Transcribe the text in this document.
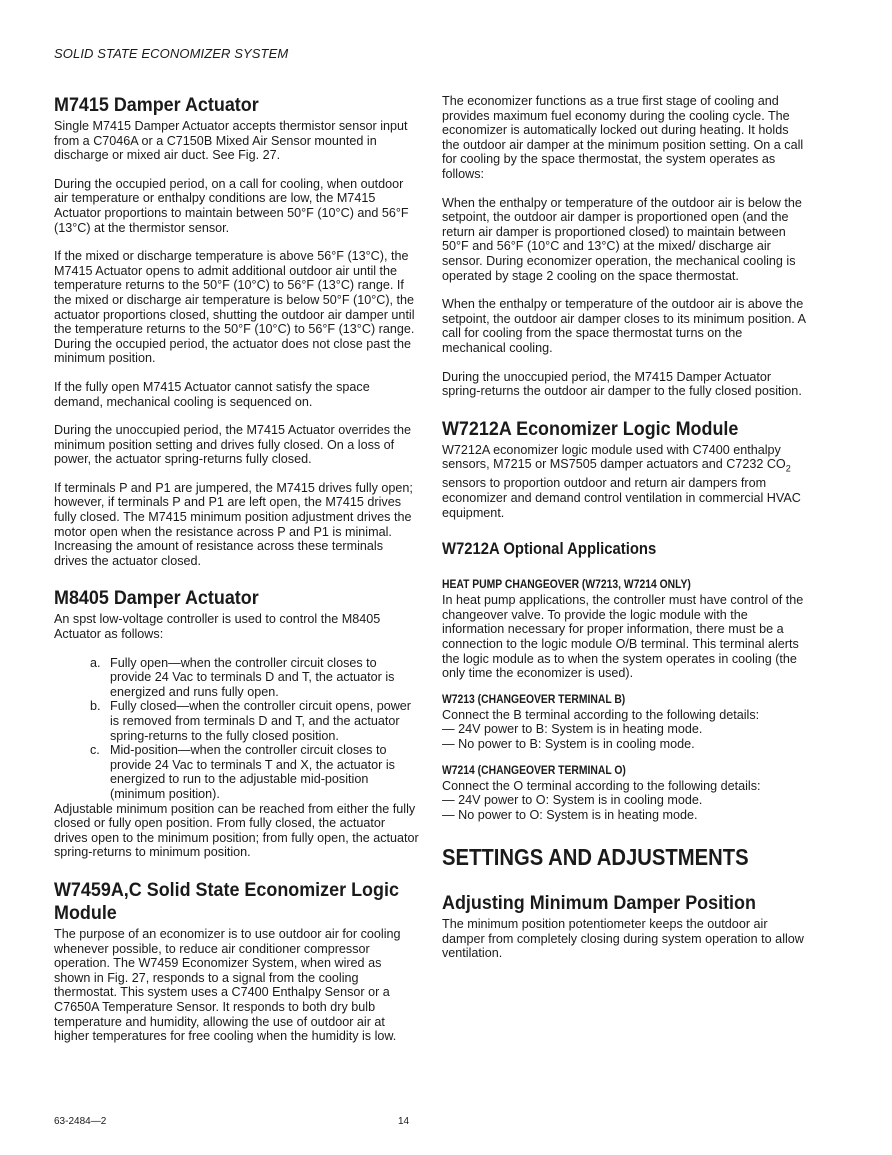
SOLID STATE ECONOMIZER SYSTEM
M7415 Damper Actuator

Single M7415 Damper Actuator accepts thermistor sensor input from a C7046A or a C7150B Mixed Air Sensor mounted in discharge or mixed air duct. See Fig. 27.

During the occupied period, on a call for cooling, when outdoor air temperature or enthalpy conditions are low, the M7415 Actuator proportions to maintain between 50°F (10°C) and 56°F (13°C) at the thermistor sensor.

If the mixed or discharge temperature is above 56°F (13°C), the M7415 Actuator opens to admit additional outdoor air until the temperature returns to the 50°F (10°C) to 56°F (13°C) range. If the mixed or discharge air temperature is below 50°F (10°C), the actuator proportions closed, shutting the outdoor air damper until the temperature returns to the 50°F (10°C) to 56°F (13°C) range. During the occupied period, the actuator does not close past the minimum position.

If the fully open M7415 Actuator cannot satisfy the space demand, mechanical cooling is sequenced on.

During the unoccupied period, the M7415 Actuator overrides the minimum position setting and drives fully closed. On a loss of power, the actuator spring-returns fully closed.

If terminals P and P1 are jumpered, the M7415 drives fully open; however, if terminals P and P1 are left open, the M7415 drives fully closed. The M7415 minimum position adjustment drives the motor open when the resistance across P and P1 is minimal. Increasing the amount of resistance across these terminals drives the actuator closed.

M8405 Damper Actuator

An spst low-voltage controller is used to control the M8405 Actuator as follows:

a. Fully open—when the controller circuit closes to provide 24 Vac to terminals D and T, the actuator is energized and runs fully open.
b. Fully closed—when the controller circuit opens, power is removed from terminals D and T, and the actuator spring-returns to the fully closed position.
c. Mid-position—when the controller circuit closes to provide 24 Vac to terminals T and X, the actuator is energized to run to the adjustable mid-position (minimum position).

Adjustable minimum position can be reached from either the fully closed or fully open position. From fully closed, the actuator drives open to the minimum position; from fully open, the actuator spring-returns to minimum position.

W7459A,C Solid State Economizer Logic
Module

The purpose of an economizer is to use outdoor air for cooling whenever possible, to reduce air conditioner compressor operation. The W7459 Economizer System, when wired as shown in Fig. 27, responds to a signal from the cooling thermostat. This system uses a C7400 Enthalpy Sensor or a C7650A Temperature Sensor. It responds to both dry bulb temperature and humidity, allowing the use of outdoor air at higher temperatures for free cooling when the humidity is low.

The economizer functions as a true first stage of cooling and provides maximum fuel economy during the cooling cycle. The economizer is automatically locked out during heating. It holds the outdoor air damper at the minimum position setting. On a call for cooling by the space thermostat, the system operates as follows:

When the enthalpy or temperature of the outdoor air is below the setpoint, the outdoor air damper is proportioned open (and the return air damper is proportioned closed) to maintain between 50°F and 56°F (10°C and 13°C) at the mixed/ discharge air sensor. During economizer operation, the mechanical cooling is operated by stage 2 cooling on the space thermostat.

When the enthalpy or temperature of the outdoor air is above the setpoint, the outdoor air damper closes to its minimum position. A call for cooling from the space thermostat turns on the mechanical cooling.

During the unoccupied period, the M7415 Damper Actuator spring-returns the outdoor air damper to the fully closed position.

W7212A Economizer Logic Module

W7212A economizer logic module used with C7400 enthalpy sensors, M7215 or MS7505 damper actuators and C7232 $CO_2$ sensors to proportion outdoor and return air dampers from economizer and demand control ventilation in commercial HVAC equipment.

W7212A Optional Applications
HEAT PUMP CHANGEOVER (W7213, W7214 ONLY)

In heat pump applications, the controller must have control of the changeover valve. To provide the logic module with the information necessary for proper information, there must be a connection to the logic module O/B terminal. This terminal alerts the logic module as to when the system operates in cooling (the only time the economizer is used).

W7213 (CHANGEOVER TERMINAL B)

Connect the B terminal according to the following details:

— 24V power to B: System is in heating mode.

— No power to B: System is in cooling mode.

W7214 (CHANGEOVER TERMINAL O)

Connect the O terminal according to the following details:

— 24V power to O: System is in cooling mode.

— No power to O: System is in heating mode.

SETTINGS AND ADJUSTMENTS
Adjusting Minimum Damper Position

The minimum position potentiometer keeps the outdoor air damper from completely closing during system operation to allow ventilation.

63-2484—2	14
